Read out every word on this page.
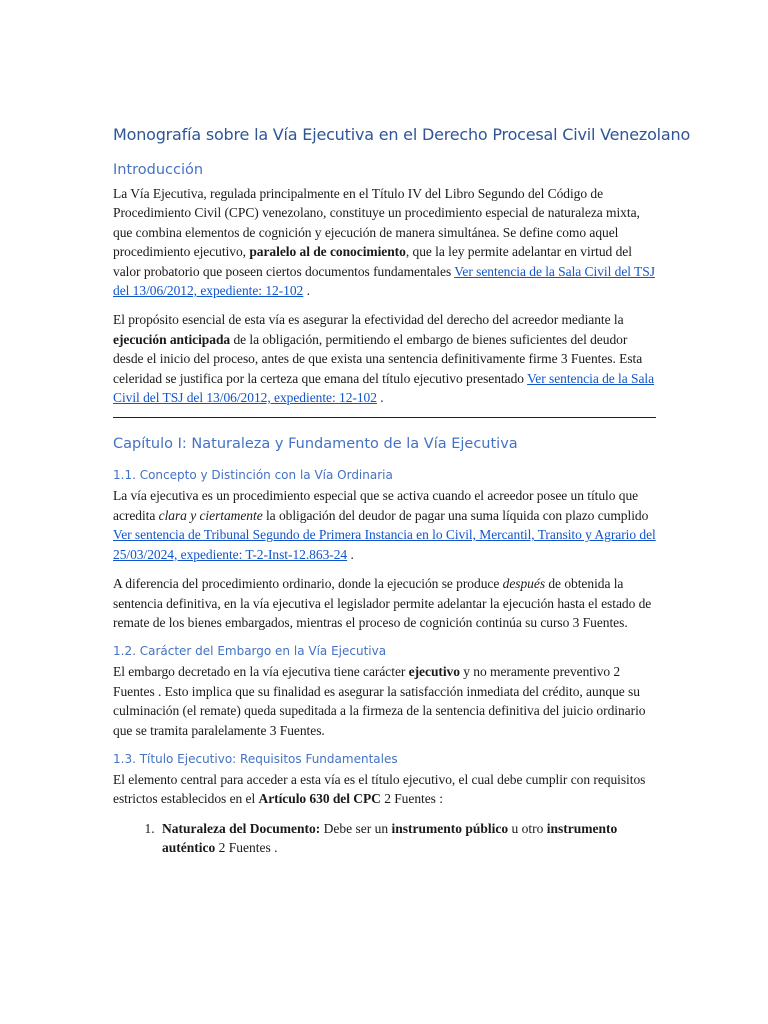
Monografía sobre la Vía Ejecutiva en el Derecho Procesal Civil Venezolano
Introducción

La Vía Ejecutiva, regulada principalmente en el Título IV del Libro Segundo del Código de Procedimiento Civil (CPC) venezolano, constituye un procedimiento especial de naturaleza mixta, que combina elementos de cognición y ejecución de manera simultánea. Se define como aquel procedimiento ejecutivo, paralelo al de conocimiento, que la ley permite adelantar en virtud del valor probatorio que poseen ciertos documentos fundamentales Ver sentencia de la Sala Civil del TSJ del 13/06/2012, expediente: 12-102 .

El propósito esencial de esta vía es asegurar la efectividad del derecho del acreedor mediante la ejecución anticipada de la obligación, permitiendo el embargo de bienes suficientes del deudor desde el inicio del proceso, antes de que exista una sentencia definitivamente firme 3 Fuentes. Esta celeridad se justifica por la certeza que emana del título ejecutivo presentado Ver sentencia de la Sala Civil del TSJ del 13/06/2012, expediente: 12-102 .

Capítulo I: Naturaleza y Fundamento de la Vía Ejecutiva
1.1. Concepto y Distinción con la Vía Ordinaria

La vía ejecutiva es un procedimiento especial que se activa cuando el acreedor posee un título que acredita clara y ciertamente la obligación del deudor de pagar una suma líquida con plazo cumplido Ver sentencia de Tribunal Segundo de Primera Instancia en lo Civil, Mercantil, Transito y Agrario del 25/03/2024, expediente: T-2-Inst-12.863-24 .

A diferencia del procedimiento ordinario, donde la ejecución se produce después de obtenida la sentencia definitiva, en la vía ejecutiva el legislador permite adelantar la ejecución hasta el estado de remate de los bienes embargados, mientras el proceso de cognición continúa su curso 3 Fuentes.

1.2. Carácter del Embargo en la Vía Ejecutiva

El embargo decretado en la vía ejecutiva tiene carácter ejecutivo y no meramente preventivo 2 Fuentes . Esto implica que su finalidad es asegurar la satisfacción inmediata del crédito, aunque su culminación (el remate) queda supeditada a la firmeza de la sentencia definitiva del juicio ordinario que se tramita paralelamente 3 Fuentes.

1.3. Título Ejecutivo: Requisitos Fundamentales

El elemento central para acceder a esta vía es el título ejecutivo, el cual debe cumplir con requisitos estrictos establecidos en el Artículo 630 del CPC 2 Fuentes :

1. Naturaleza del Documento: Debe ser un instrumento público u otro instrumento auténtico 2 Fuentes .
